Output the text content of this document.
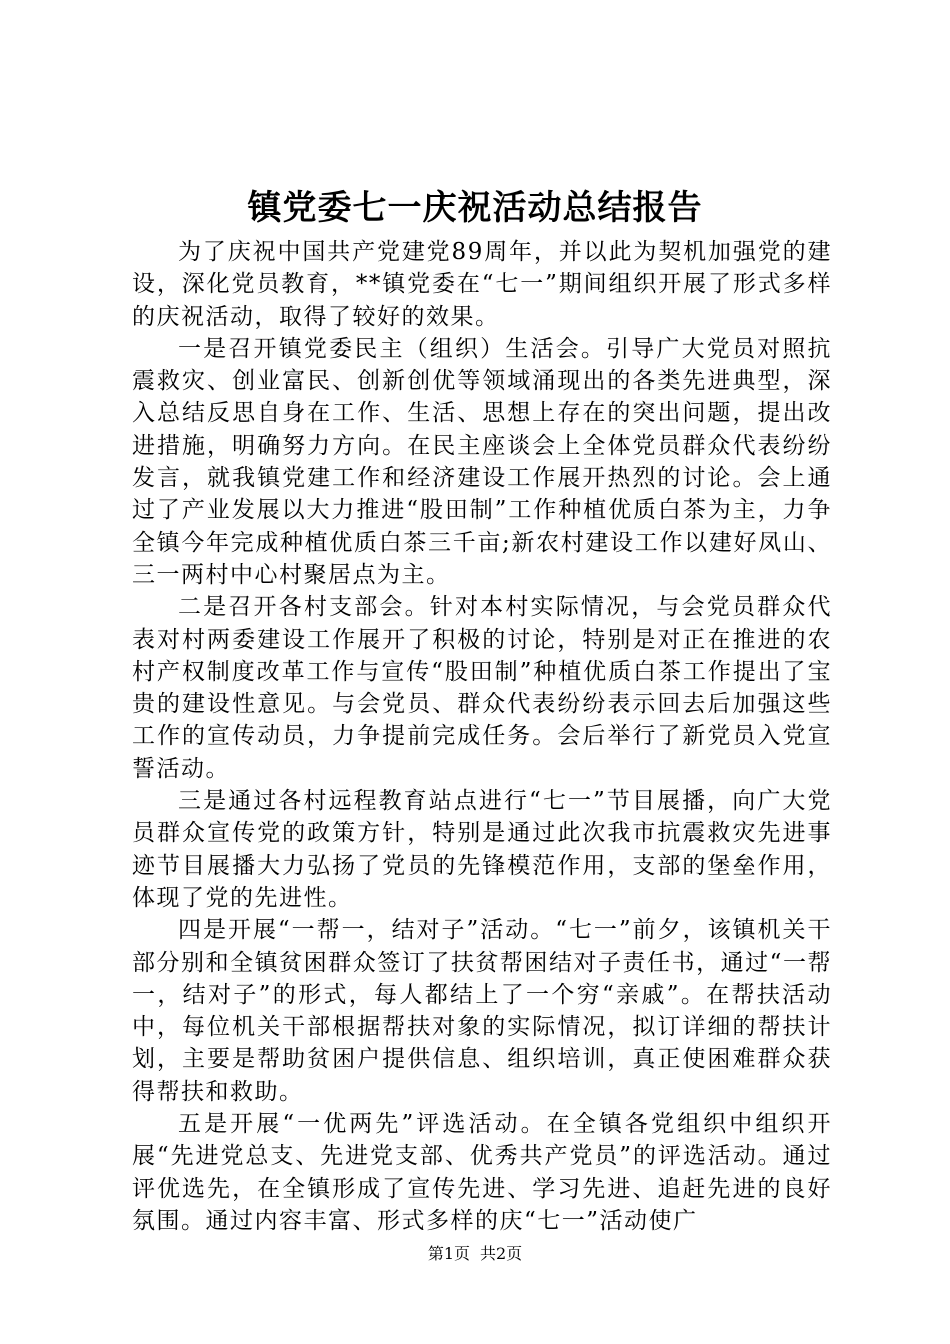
镇党委七一庆祝活动总结报告

为了庆祝中国共产党建党89周年，并以此为契机加强党的建设，深化党员教育，**镇党委在“七一”期间组织开展了形式多样的庆祝活动，取得了较好的效果。

一是召开镇党委民主（组织）生活会。引导广大党员对照抗震救灾、创业富民、创新创优等领域涌现出的各类先进典型，深入总结反思自身在工作、生活、思想上存在的突出问题，提出改进措施，明确努力方向。在民主座谈会上全体党员群众代表纷纷发言，就我镇党建工作和经济建设工作展开热烈的讨论。会上通过了产业发展以大力推进“股田制”工作种植优质白茶为主，力争全镇今年完成种植优质白茶三千亩;新农村建设工作以建好凤山、三一两村中心村聚居点为主。

二是召开各村支部会。针对本村实际情况，与会党员群众代表对村两委建设工作展开了积极的讨论，特别是对正在推进的农村产权制度改革工作与宣传“股田制”种植优质白茶工作提出了宝贵的建设性意见。与会党员、群众代表纷纷表示回去后加强这些工作的宣传动员，力争提前完成任务。会后举行了新党员入党宣誓活动。

三是通过各村远程教育站点进行“七一”节目展播，向广大党员群众宣传党的政策方针，特别是通过此次我市抗震救灾先进事迹节目展播大力弘扬了党员的先锋模范作用，支部的堡垒作用，体现了党的先进性。

四是开展“一帮一，结对子”活动。“七一”前夕，该镇机关干部分别和全镇贫困群众签订了扶贫帮困结对子责任书，通过“一帮一，结对子”的形式，每人都结上了一个穷“亲戚”。在帮扶活动中，每位机关干部根据帮扶对象的实际情况，拟订详细的帮扶计划，主要是帮助贫困户提供信息、组织培训，真正使困难群众获得帮扶和救助。

五是开展“一优两先”评选活动。在全镇各党组织中组织开展“先进党总支、先进党支部、优秀共产党员”的评选活动。通过评优选先，在全镇形成了宣传先进、学习先进、追赶先进的良好氛围。通过内容丰富、形式多样的庆“七一”活动使广

第1页 共2页
